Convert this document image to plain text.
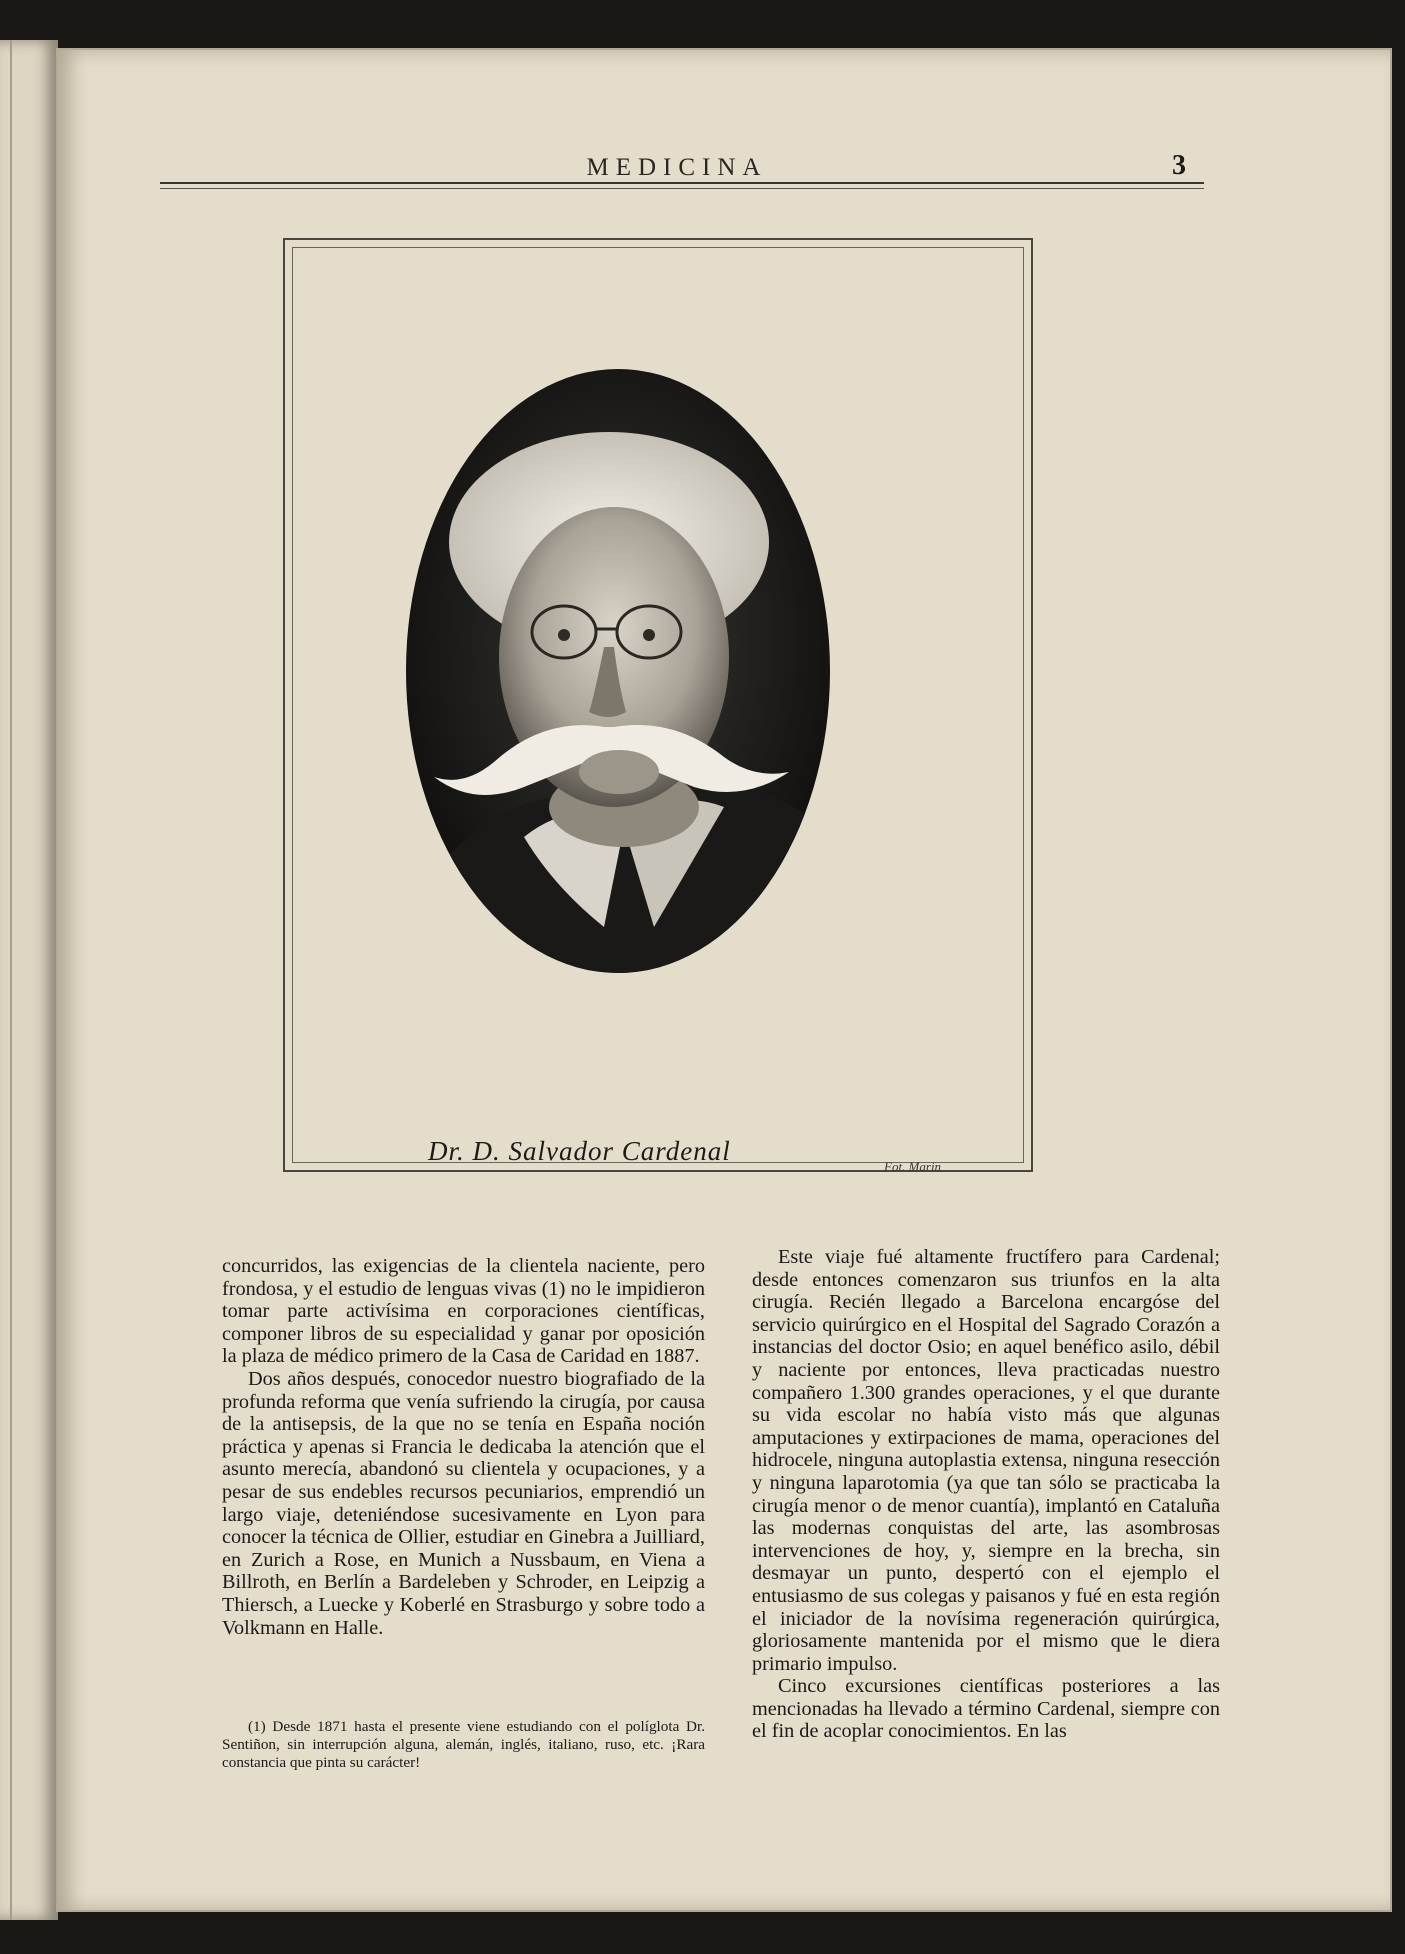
MEDICINA	3
Dr. D. Salvador Cardenal
Fot. Marin

concurridos, las exigencias de la clientela naciente, pero frondosa, y el estudio de lenguas vivas (1) no le impidieron tomar parte activísima en corporaciones científicas, componer libros de su especialidad y ganar por oposición la plaza de médico primero de la Casa de Caridad en 1887.

Dos años después, conocedor nuestro biografiado de la profunda reforma que venía sufriendo la cirugía, por causa de la antisepsis, de la que no se tenía en España noción práctica y apenas si Francia le dedicaba la atención que el asunto merecía, abandonó su clientela y ocupaciones, y a pesar de sus endebles recursos pecuniarios, emprendió un largo viaje, deteniéndose sucesivamente en Lyon para conocer la técnica de Ollier, estudiar en Ginebra a Juilliard, en Zurich a Rose, en Munich a Nussbaum, en Viena a Billroth, en Berlín a Bardeleben y Schroder, en Leipzig a Thiersch, a Luecke y Koberlé en Strasburgo y sobre todo a Volkmann en Halle.

(1) Desde 1871 hasta el presente viene estudiando con el políglota Dr. Sentiñon, sin interrupción alguna, alemán, inglés, italiano, ruso, etc. ¡Rara constancia que pinta su carácter!

Este viaje fué altamente fructífero para Cardenal; desde entonces comenzaron sus triunfos en la alta cirugía. Recién llegado a Barcelona encargóse del servicio quirúrgico en el Hospital del Sagrado Corazón a instancias del doctor Osio; en aquel benéfico asilo, débil y naciente por entonces, lleva practicadas nuestro compañero 1.300 grandes operaciones, y el que durante su vida escolar no había visto más que algunas amputaciones y extirpaciones de mama, operaciones del hidrocele, ninguna autoplastia extensa, ninguna resección y ninguna laparotomia (ya que tan sólo se practicaba la cirugía menor o de menor cuantía), implantó en Cataluña las modernas conquistas del arte, las asombrosas intervenciones de hoy, y, siempre en la brecha, sin desmayar un punto, despertó con el ejemplo el entusiasmo de sus colegas y paisanos y fué en esta región el iniciador de la novísima regeneración quirúrgica, gloriosamente mantenida por el mismo que le diera primario impulso.

Cinco excursiones científicas posteriores a las mencionadas ha llevado a término Cardenal, siempre con el fin de acoplar conocimientos. En las
